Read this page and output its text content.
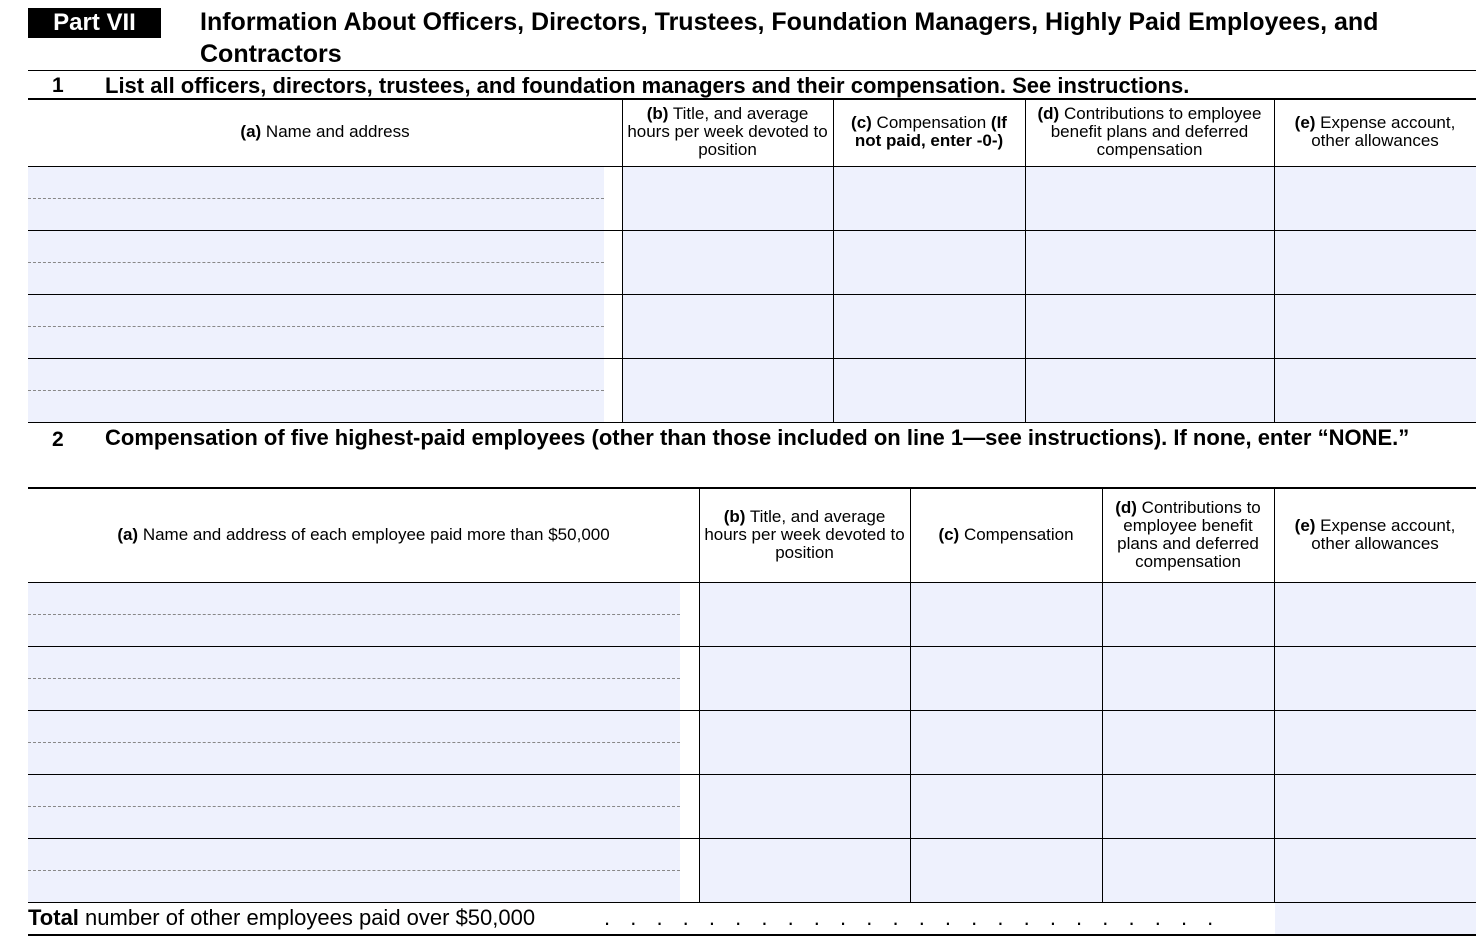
Part VII	Information About Officers, Directors, Trustees, Foundation Managers, Highly Paid Employees, and Contractors
1 List all officers, directors, trustees, and foundation managers and their compensation. See instructions.
2 Compensation of five highest-paid employees (other than those included on line 1—see instructions). If none, enter “NONE.”
(a) Name and address
(b) Title, and average hours per week devoted to position
(c) Compensation (If not paid, enter -0-)
(d) Contributions to employee benefit plans and deferred compensation
(e) Expense account, other allowances
(a) Name and address of each employee paid more than $50,000
(b) Title, and average hours per week devoted to position
(c) Compensation
(d) Contributions to employee benefit plans and deferred compensation
(e) Expense account, other allowances
Total number of other employees paid over $50,000	. . . . . . . . . . . . . . . . . . . . . . . .
